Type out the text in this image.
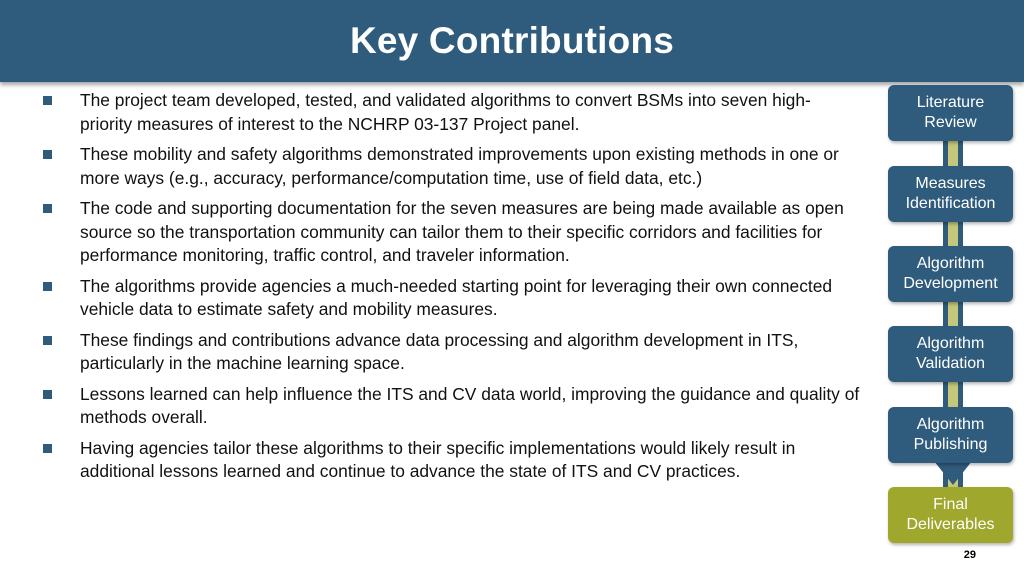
Key Contributions
The project team developed, tested, and validated algorithms to convert BSMs into seven high-priority measures of interest to the NCHRP 03-137 Project panel.
These mobility and safety algorithms demonstrated improvements upon existing methods in one or more ways (e.g., accuracy, performance/computation time, use of field data, etc.)
The code and supporting documentation for the seven measures are being made available as open source so the transportation community can tailor them to their specific corridors and facilities for performance monitoring, traffic control, and traveler information.
The algorithms provide agencies a much-needed starting point for leveraging their own connected vehicle data to estimate safety and mobility measures.
These findings and contributions advance data processing and algorithm development in ITS, particularly in the machine learning space.
Lessons learned can help influence the ITS and CV data world, improving the guidance and quality of methods overall.
Having agencies tailor these algorithms to their specific implementations would likely result in additional lessons learned and continue to advance the state of ITS and CV practices.
Literature
Review
Measures
Identification
Algorithm
Development
Algorithm
Validation
Algorithm
Publishing
Final
Deliverables
29
